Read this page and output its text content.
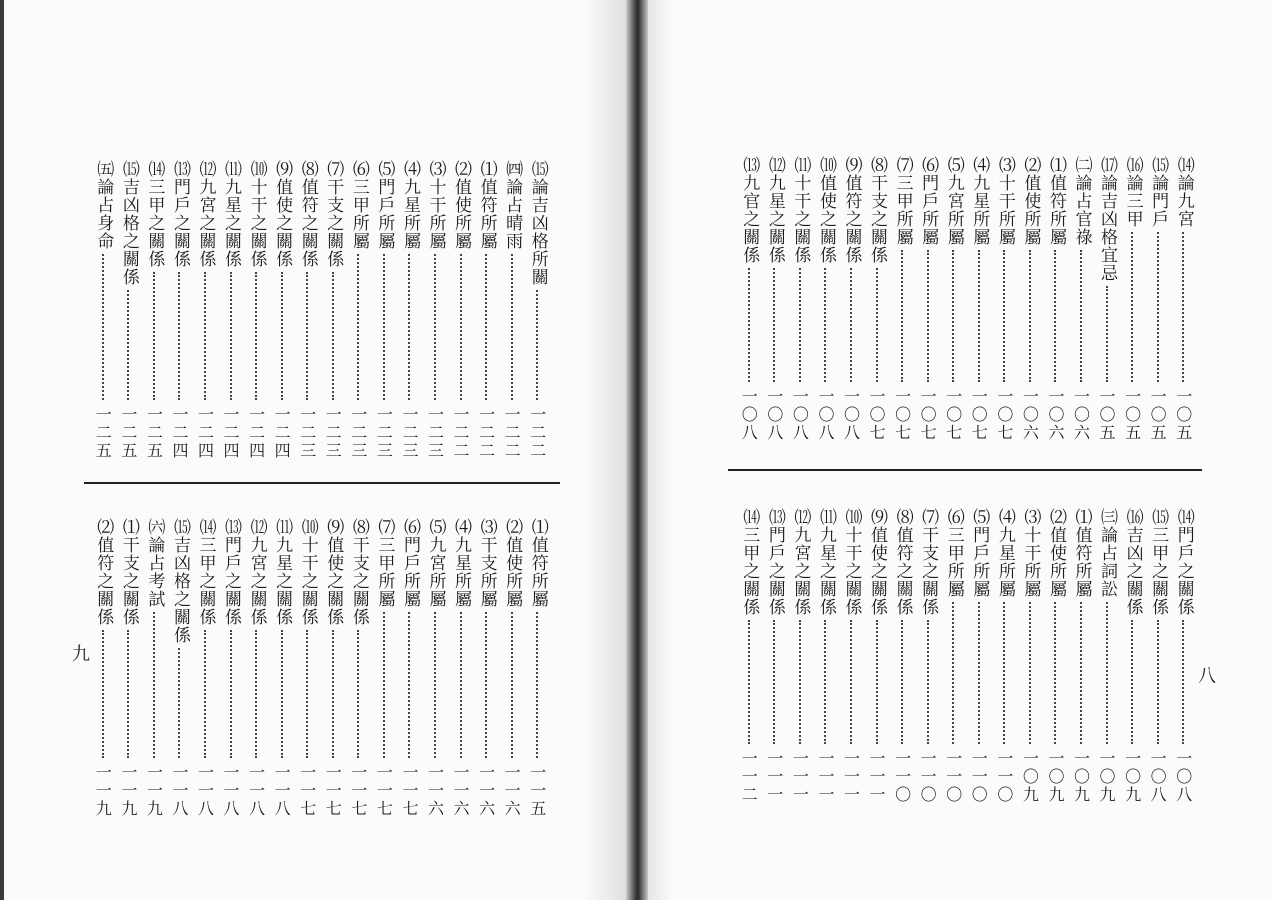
㈤論占身命
一二五
⒂吉凶格之關係
一二五
⒁三甲之關係
一二五
⒀門戶之關係
一二四
⑿九宮之關係
一二四
⑾九星之關係
一二四
⑽十干之關係
一二四
⑼值使之關係
一二四
⑻值符之關係
一二三
⑺干支之關係
一二三
⑹三甲所屬
一二三
⑸門戶所屬
一二三
⑷九星所屬
一二三
⑶十干所屬
一二三
⑵值使所屬
一二二
⑴值符所屬
一二二
㈣論占晴雨
一二二
⒂論吉凶格所關
一二二
⑵值符之關係
一一九
⑴干支之關係
一一九
㈥論占考試
一一九
⒂吉凶格之關係
一一八
⒁三甲之關係
一一八
⒀門戶之關係
一一八
⑿九宮之關係
一一八
⑾九星之關係
一一八
⑽十干之關係
一一七
⑼值使之關係
一一七
⑻干支之關係
一一七
⑺三甲所屬
一一七
⑹門戶所屬
一一七
⑸九宮所屬
一一六
⑷九星所屬
一一六
⑶干支所屬
一一六
⑵值使所屬
一一六
⑴值符所屬
一一五
九
⒀九官之關係
一〇八
⑿九星之關係
一〇八
⑾十干之關係
一〇八
⑽值使之關係
一〇八
⑼值符之關係
一〇八
⑻干支之關係
一〇七
⑺三甲所屬
一〇七
⑹門戶所屬
一〇七
⑸九宮所屬
一〇七
⑷九星所屬
一〇七
⑶十干所屬
一〇七
⑵值使所屬
一〇六
⑴值符所屬
一〇六
㈡論占官祿
一〇六
⒄論吉凶格宜忌
一〇五
⒃論三甲
一〇五
⒂論門戶
一〇五
⒁論九宮
一〇五
⒁三甲之關係
一一二
⒀門戶之關係
一一一
⑿九宮之關係
一一一
⑾九星之關係
一一一
⑽十干之關係
一一一
⑼值使之關係
一一一
⑻值符之關係
一一〇
⑺干支之關係
一一〇
⑹三甲所屬
一一〇
⑸門戶所屬
一一〇
⑷九星所屬
一一〇
⑶十干所屬
一〇九
⑵值使所屬
一〇九
⑴值符所屬
一〇九
㈢論占詞訟
一〇九
⒃吉凶之關係
一〇九
⒂三甲之關係
一〇八
⒁門戶之關係
一〇八
八
